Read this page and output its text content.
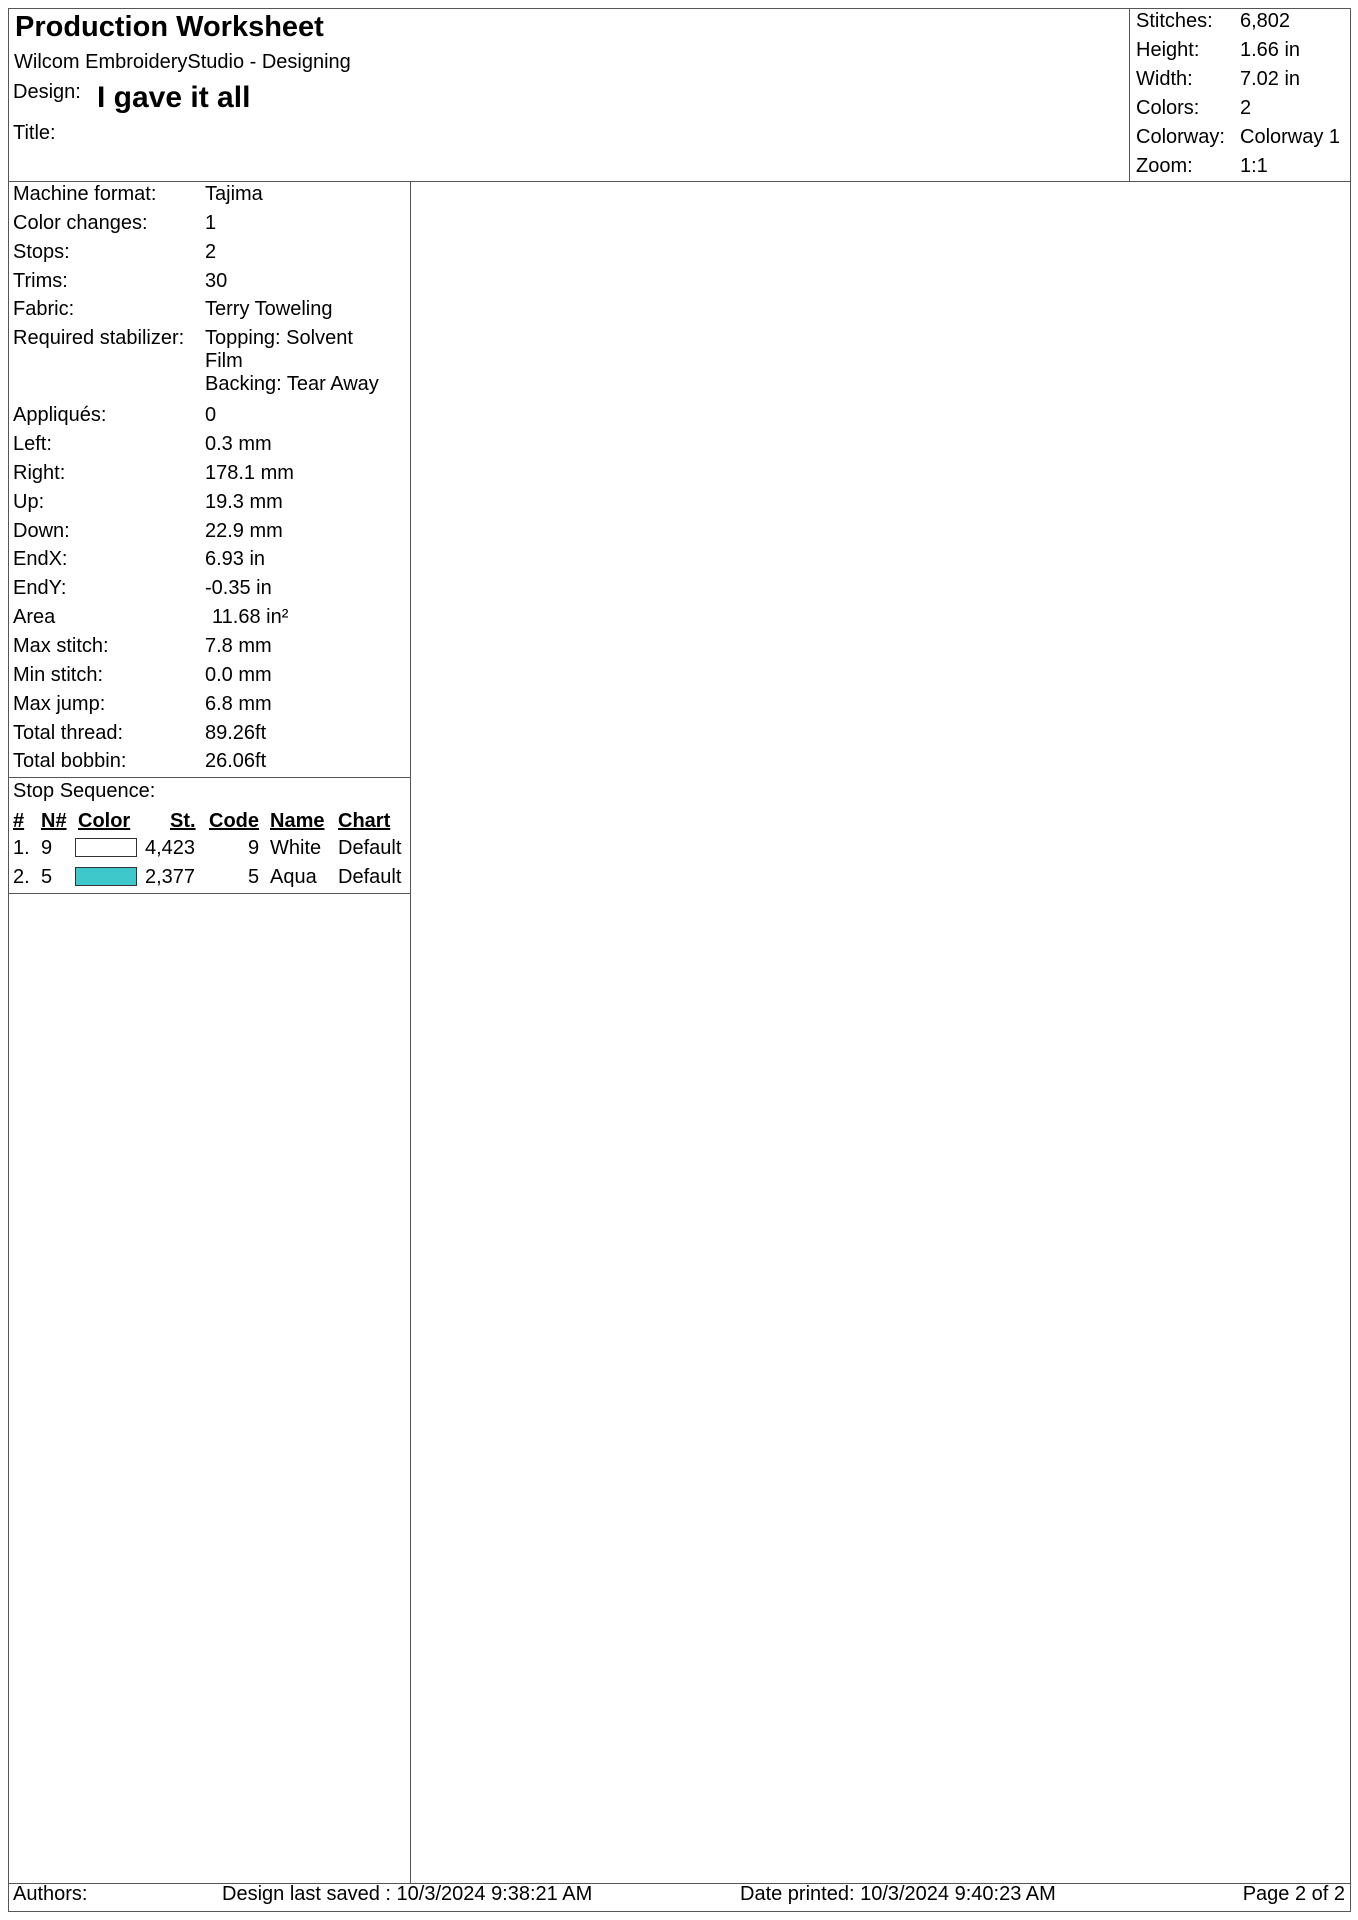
Production Worksheet
Wilcom EmbroideryStudio - Designing
Design: I gave it all
Title:
Stitches: 6,802
Height: 1.66 in
Width: 7.02 in
Colors: 2
Colorway: Colorway 1
Zoom: 1:1
Machine format: Tajima
Color changes:	1
Stops:	2
Trims:	30
Fabric:	Terry Toweling
Required stabilizer: Topping: Solvent
Film
Backing: Tear Away
Appliqués:	0
Left:	0.3 mm
Right:	178.1 mm
Up:	19.3 mm
Down:	22.9 mm
EndX:	6.93 in
EndY:	-0.35 in
Area	11.68 in²
Max stitch:	7.8 mm
Min stitch:	0.0 mm
Max jump:	6.8 mm
Total thread:	89.26ft
Total bobbin:	26.06ft
Stop Sequence:
# N# Color St. Code Name Chart
1. 9	4,423	9 White Default
2. 5	2,377	5 Aqua Default
Authors:	Design last saved : 10/3/2024 9:38:21 AM	Date printed: 10/3/2024 9:40:23 AM	Page 2 of 2
